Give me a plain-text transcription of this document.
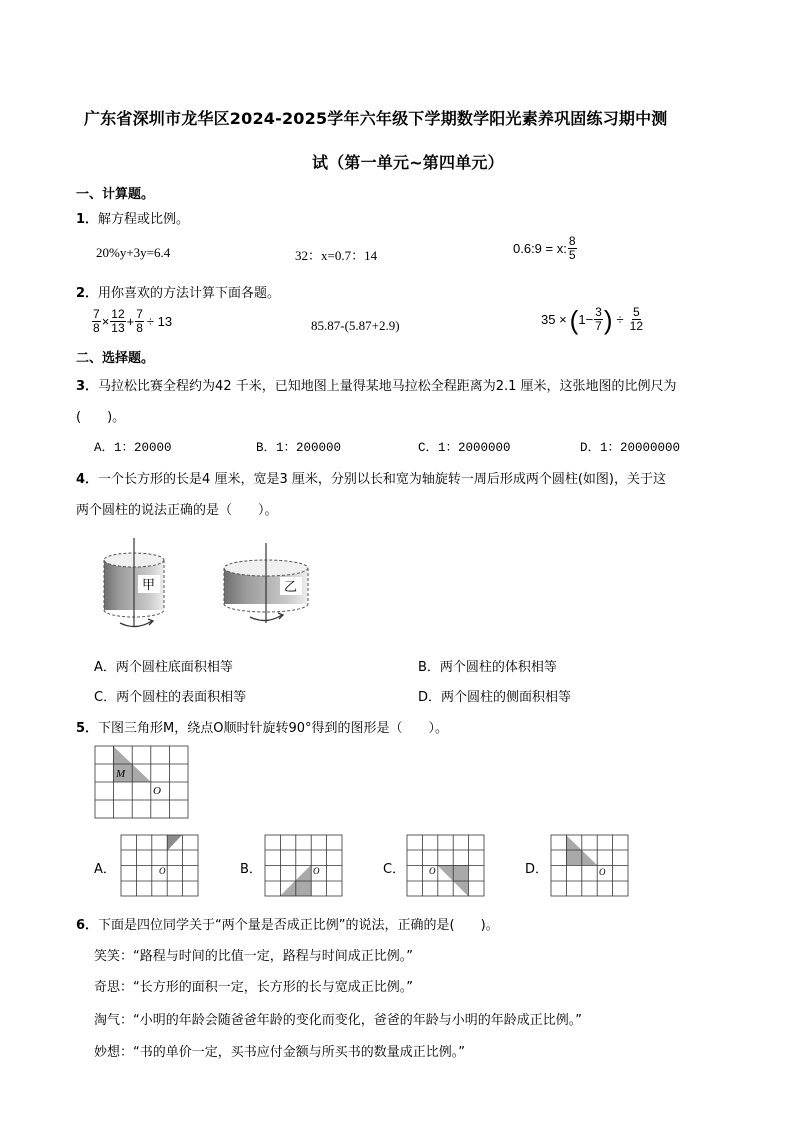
广东省深圳市龙华区2024-2025学年六年级下学期数学阳光素养巩固练习期中测
试（第一单元~第四单元）
一、计算题。
1．解方程或比例。
20%y+3y=6.4	32：x=0.7：14	0.6:9 = x: $\frac{8}{5}$
2．用你喜欢的方法计算下面各题。
$\frac{7}{8} \times \frac{12}{13} + \frac{7}{8} \div 13$	85.87-(5.87+2.9)	35 × ( $1- \frac{3}{7}$ ) ÷ $\frac{5}{12}$
二、选择题。
3．马拉松比赛全程约为42 千米，已知地图上量得某地马拉松全程距离为2.1 厘米，这张地图的比例尺为
(　　)。
A．1：20000	B．1：200000	C．1：2000000	D．1：20000000
4．一个长方形的长是4 厘米，宽是3 厘米，分别以长和宽为轴旋转一周后形成两个圆柱(如图)，关于这
两个圆柱的说法正确的是（　　）。
甲	乙
A．两个圆柱底面积相等	B．两个圆柱的体积相等
C．两个圆柱的表面积相等	D．两个圆柱的侧面积相等
5．下图三角形M，绕点O顺时针旋转90°得到的图形是（　　）。
M
O
A．	O	B．	O	C．	O	D．	O
6．下面是四位同学关于“两个量是否成正比例”的说法，正确的是(　　)。
笑笑：“路程与时间的比值一定，路程与时间成正比例。”
奇思：“长方形的面积一定，长方形的长与宽成正比例。”
淘气：“小明的年龄会随爸爸年龄的变化而变化，爸爸的年龄与小明的年龄成正比例。”
妙想：“书的单价一定，买书应付金额与所买书的数量成正比例。”
